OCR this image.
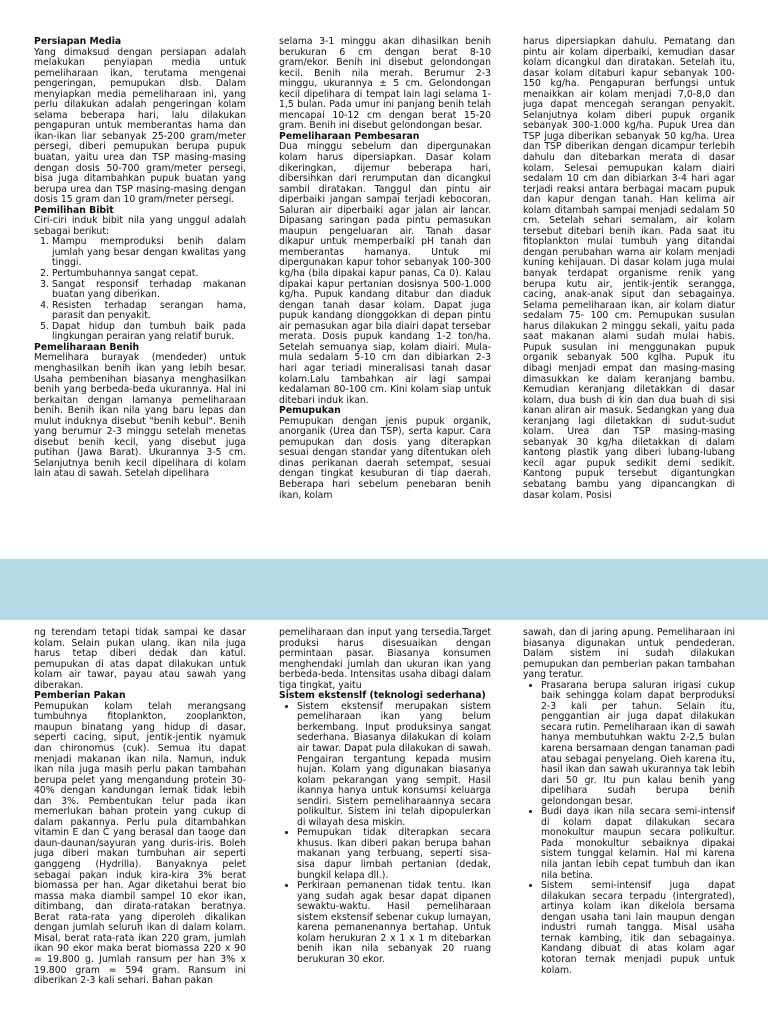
Persiapan Media

Yang dimaksud dengan persiapan adalah melakukan penyiapan media untuk pemeliharaan ikan, terutama mengenai pengeringan, pemupukan dlsb. Dalam menyiapkan media pemeliharaan ini, yang perlu dilakukan adalah pengeringan kolam selama beberapa hari, lalu dilakukan pengapuran untuk memberantas hama dan ikan-ikan liar sebanyak 25-200 gram/meter persegi, diberi pemupukan berupa pupuk buatan, yaitu urea dan TSP masing-masing dengan dosis 50-700 gram/meter persegi, bisa juga ditambahkan pupuk buatan yang berupa urea dan TSP masing-masing dengan dosis 15 gram dan 10 gram/meter persegi.

Pemilihan Bibit

Ciri-ciri induk bibit nila yang unggul adalah sebagai berikut:

1. Mampu memproduksi benih dalam jumlah yang besar dengan kwalitas yang tinggi.
2. Pertumbuhannya sangat cepat.
3. Sangat responsif terhadap makanan buatan yang diberikan.
4. Resisten terhadap serangan hama, parasit dan penyakit.
5. Dapat hidup dan tumbuh baik pada lingkungan perairan yang relatif buruk.
Pemeliharaan Benih

Memelihara burayak (mendeder) untuk menghasilkan benih ikan yang lebih besar. Usaha pembenihan biasanya menghasilkan benih yang berbeda-beda ukurannya. Hal ini berkaitan dengan lamanya pemeliharaan benih. Benih ikan nila yang baru lepas dan mulut induknya disebut "benih kebul". Benih yang berumur 2-3 minggu setelah menetas disebut benih kecil, yang disebut juga putihan (Jawa Barat). Ukurannya 3-5 cm. Selanjutnya benih kecil dipelihara di kolam lain atau di sawah. Setelah dipelihara

selama 3-1 minggu akan dihasilkan benih berukuran 6 cm dengan berat 8-10 gram/ekor. Benih ini disebut gelondongan kecil. Benih nila merah. Berumur 2-3 minggu, ukurannya ± 5 cm. Gelondongan kecil dipelihara di tempat lain lagi selama 1- 1,5 bulan. Pada umur ini panjang benih telah mencapai 10-12 cm dengan berat 15-20 gram. Benih ini disebut gelondongan besar.

Pemeliharaan Pembesaran

Dua minggu sebelum dan dipergunakan kolam harus dipersiapkan. Dasar kolam dikeringkan, dijemur beberapa hari, dibersihkan dari rerumputan dan dicangkul sambil diratakan. Tanggul dan pintu air diperbaiki jangan sampai terjadi kebocoran. Saluran air diperbaiki agar jalan air lancar. Dipasang saringan pada pintu pemasukan maupun pengeluaran air. Tanah dasar dikapur untuk memperbaiki pH tanah dan memberantas hamanya. Untuk mi dipergunakan kapur tohor sebanyak 100-300 kg/ha (bila dipakai kapur panas, Ca 0). Kalau dipakai kapur pertanian dosisnya 500-1.000 kg/ha. Pupuk kandang ditabur dan diaduk dengan tanah dasar kolam. Dapat juga pupuk kandang dionggokkan di depan pintu air pemasukan agar bila diairi dapat tersebar merata. Dosis pupuk kandang 1-2 ton/ha. Setelah semuanya siap, kolam diairi. Mula-mula sedalam 5-10 cm dan dibiarkan 2-3 hari agar teriadi mineralisasi tanah dasar kolam.Lalu tambahkan air lagi sampai kedalaman 80-100 cm. Kini kolam siap untuk ditebari induk ikan.

Pemupukan

Pemupukan dengan jenis pupuk organik, anorganik (Urea dan TSP), serta kapur. Cara pemupukan dan dosis yang diterapkan sesuai dengan standar yang ditentukan oleh dinas perikanan daerah setempat, sesuai dengan tingkat kesuburan di tiap daerah. Beberapa hari sebelum penebaran benih ikan, kolam

harus dipersiapkan dahulu. Pematang dan pintu air kolam diperbaiki, kemudian dasar kolam dicangkul dan diratakan. Setelah itu, dasar kolam ditaburi kapur sebanyak 100-150 kg/ha. Pengapuran berfungsi untuk menaikkan air kolam menjadi 7,0-8,0 dan juga dapat mencegah serangan penyakit. Selanjutnya kolam diberi pupuk organik sebanyak 300-1.000 kg/ha. Pupuk Urea dan TSP juga diberikan sebanyak 50 kg/ha. Urea dan TSP diberikan dengan dicampur terlebih dahulu dan ditebarkan merata di dasar kolam. Selesai pemupukan kalam diairi sedalam 10 cm dan dibiarkan 3-4 hari agar terjadi reaksi antara berbagai macam pupuk dan kapur dengan tanah. Han kelima air kolam ditambah sampai menjadi sedalam 50 cm. Setelah sehari semalam, air kolam tersebut ditebari benih ikan. Pada saat itu fitoplankton mulai tumbuh yang ditandai dengan perubahan warna air kolam menjadi kuning kehijauan. Di dasar kolam juga mulai banyak terdapat organisme renik yang berupa kutu air, jentik-jentik serangga, cacing, anak-anak siput dan sebagainya. Selama pemeliharaan ikan, air kolam diatur sedalam 75- 100 cm. Pemupukan susulan harus dilakukan 2 minggu sekali, yaitu pada saat makanan alami sudah mulai habis. Pupuk susulan ini menggunakan pupuk organik sebanyak 500 kglha. Pupuk itu dibagi menjadi empat dan masing-masing dimasukkan ke dalam keranjang bambu. Kemudian keranjang diletakkan di dasar kolam, dua bush di kin dan dua buah di sisi kanan aliran air masuk. Sedangkan yang dua keranjang lagi diletakkan di sudut-sudut kolam. Urea dan TSP masing-masing sebanyak 30 kg/ha diletakkan di dalam kantong plastik yang diberi lubang-lubang kecil agar pupuk sedikit demi sedikit. Kantong pupuk tersebut digantungkan sebatang bambu yang dipancangkan di dasar kolam. Posisi

ng terendam tetapi tidak sampai ke dasar kolam. Selain pukan ulang. ikan nila juga harus tetap diberi dedak dan katul. pemupukan di atas dapat dilakukan untuk kolam air tawar, payau atau sawah yang diberakan.

Pemberian Pakan

Pemupukan kolam telah merangsang tumbuhnya fitoplankton, zooplankton, maupun binatang yang hidup di dasar, seperti cacing, siput, jentik-jentik nyamuk dan chironomus (cuk). Semua itu dapat menjadi makanan ikan nila. Namun, induk ikan nila juga masih perlu pakan tambahan berupa pelet yang mengandung protein 30-40% dengan kandungan lemak tidak lebih dan 3%. Pembentukan telur pada ikan memerlukan bahan protein yang cukup di dalam pakannya. Perlu pula ditambahkan vitamin E dan C yang berasal dan taoge dan daun-daunan/sayuran yang duris-iris. Boleh juga diberi makan tumbuhan air seperti ganggeng (Hydrilla). Banyaknya pelet sebagai pakan induk kira-kira 3% berat biomassa per han. Agar diketahui berat bio massa maka diambil sampel 10 ekor ikan, ditimbang, dan dirata-ratakan beratnya. Berat rata-rata yang diperoleh dikalikan dengan jumlah seluruh ikan di dalam kolam. Misal, berat rata-rata ikan 220 gram, jumlah ikan 90 ekor maka berat biomassa 220 x 90 = 19.800 g. Jumlah ransum per han 3% x 19.800 gram = 594 gram. Ransum ini diberikan 2-3 kali sehari. Bahan pakan

pemeliharaan dan input yang tersedia.Target produksi harus disesuaikan dengan permintaan pasar. Biasanya konsumen menghendaki jumlah dan ukuran ikan yang berbeda-beda. Intensitas usaha dibagi dalam tiga tingkat, yaitu

Sistem ekstenslf (teknologi sederhana)
• Sistem ekstensif merupakan sistem pemeliharaan ikan yang belum berkembang. Input produksinya sangat sederhana. Biasanya dilakukan di kolam air tawar. Dapat pula dilakukan di sawah. Pengairan tergantung kepada musim hujan. Kolam yang digunakan biasanya kolam pekarangan yang sempit. Hasil ikannya hanya untuk konsumsi keluarga sendiri. Sistem pemeliharaannya secara polikultur. Sistem ini telah dipopulerkan di wilayah desa miskin.
• Pemupukan tidak diterapkan secara khusus. Ikan diberi pakan berupa bahan makanan yang terbuang, seperti sisa-sisa dapur limbah pertanian (dedak, bungkil kelapa dll.).
• Perkiraan pemanenan tidak tentu. Ikan yang sudah agak besar dapat dipanen sewaktu-waktu. Hasil pemeliharaan sistem ekstensif sebenar cukup lumayan, karena pemanenannya bertahap. Untuk kolam herukuran 2 x 1 x 1 m ditebarkan benih ikan nila sebanyak 20 ruang berukuran 30 ekor.

sawah, dan di jaring apung. Pemeliharaan ini biasanya digunakan untuk pendederan. Dalam sistem ini sudah dilakukan pemupukan dan pemberian pakan tambahan yang teratur.

• Prasarana berupa saluran irigasi cukup baik sehingga kolam dapat berproduksi 2-3 kali per tahun. Selain itu, penggantian air juga dapat dilakukan secara rutin. Pemeliharaan ikan di sawah hanya membutuhkan waktu 2-2,5 bulan karena bersamaan dengan tanaman padi atau sebagai penyelang. Oieh karena itu, hasil ikan dan sawah ukurannya tak lebih dari 50 gr. Itu pun kalau benih yang dipelihara sudah berupa benih gelondongan besar.
• Budi daya ikan nila secara semi-intensif di kolam dapat dilakukan secara monokultur maupun secara polikultur. Pada monokultur sebaiknya dipakai sistem tunggal kelamin. Hal mi karena nila jantan lebih cepat tumbuh dan ikan nila betina.
• Sistem semi-intensif juga dapat dilakukan secara terpadu (intergrated), artinya kolam ikan dikelola bersama dengan usaha tani lain maupun dengan industri rumah tangga. Misal usaha ternak kambing, itik dan sebagainya. Kandang dibuat di atas kolam agar kotoran ternak menjadi pupuk untuk kolam.
